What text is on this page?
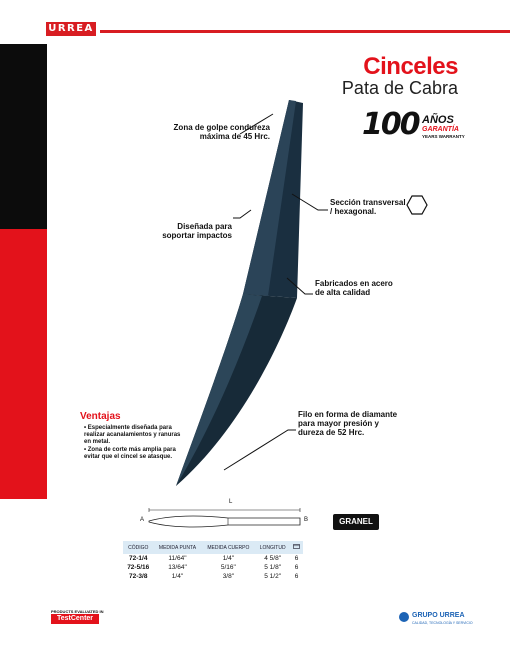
URREA
Cinceles
Pata de Cabra
100 AÑOS
GARANTÍA
YEARS WARRANTY
Zona de golpe condureza
máxima de 45 Hrc.
Sección transversal
/ hexagonal.
Diseñada para
soportar impactos
Fabricados en acero
de alta calidad
Filo en forma de diamante
para mayor presión y
dureza de 52 Hrc.
Ventajas
• Especialmente diseñada para realizar acanalamientos y ranuras en metal.
• Zona de corte más amplia para evitar que el cincel se atasque.
L
A	B	GRANEL
CÓDIGO	MEDIDA PUNTA	MEDIDA CUERPO	LONGITUD	
72-1/4	11/64"	1/4"	4 5/8"	6
72-5/16	13/64"	5/16"	5 1/8"	6
72-3/8	1/4"	3/8"	5 1/2"	6
PRODUCTS EVALUATED IN
TestCenter	GRUPO URREA
CALIDAD, TECNOLOGÍA Y SERVICIO
